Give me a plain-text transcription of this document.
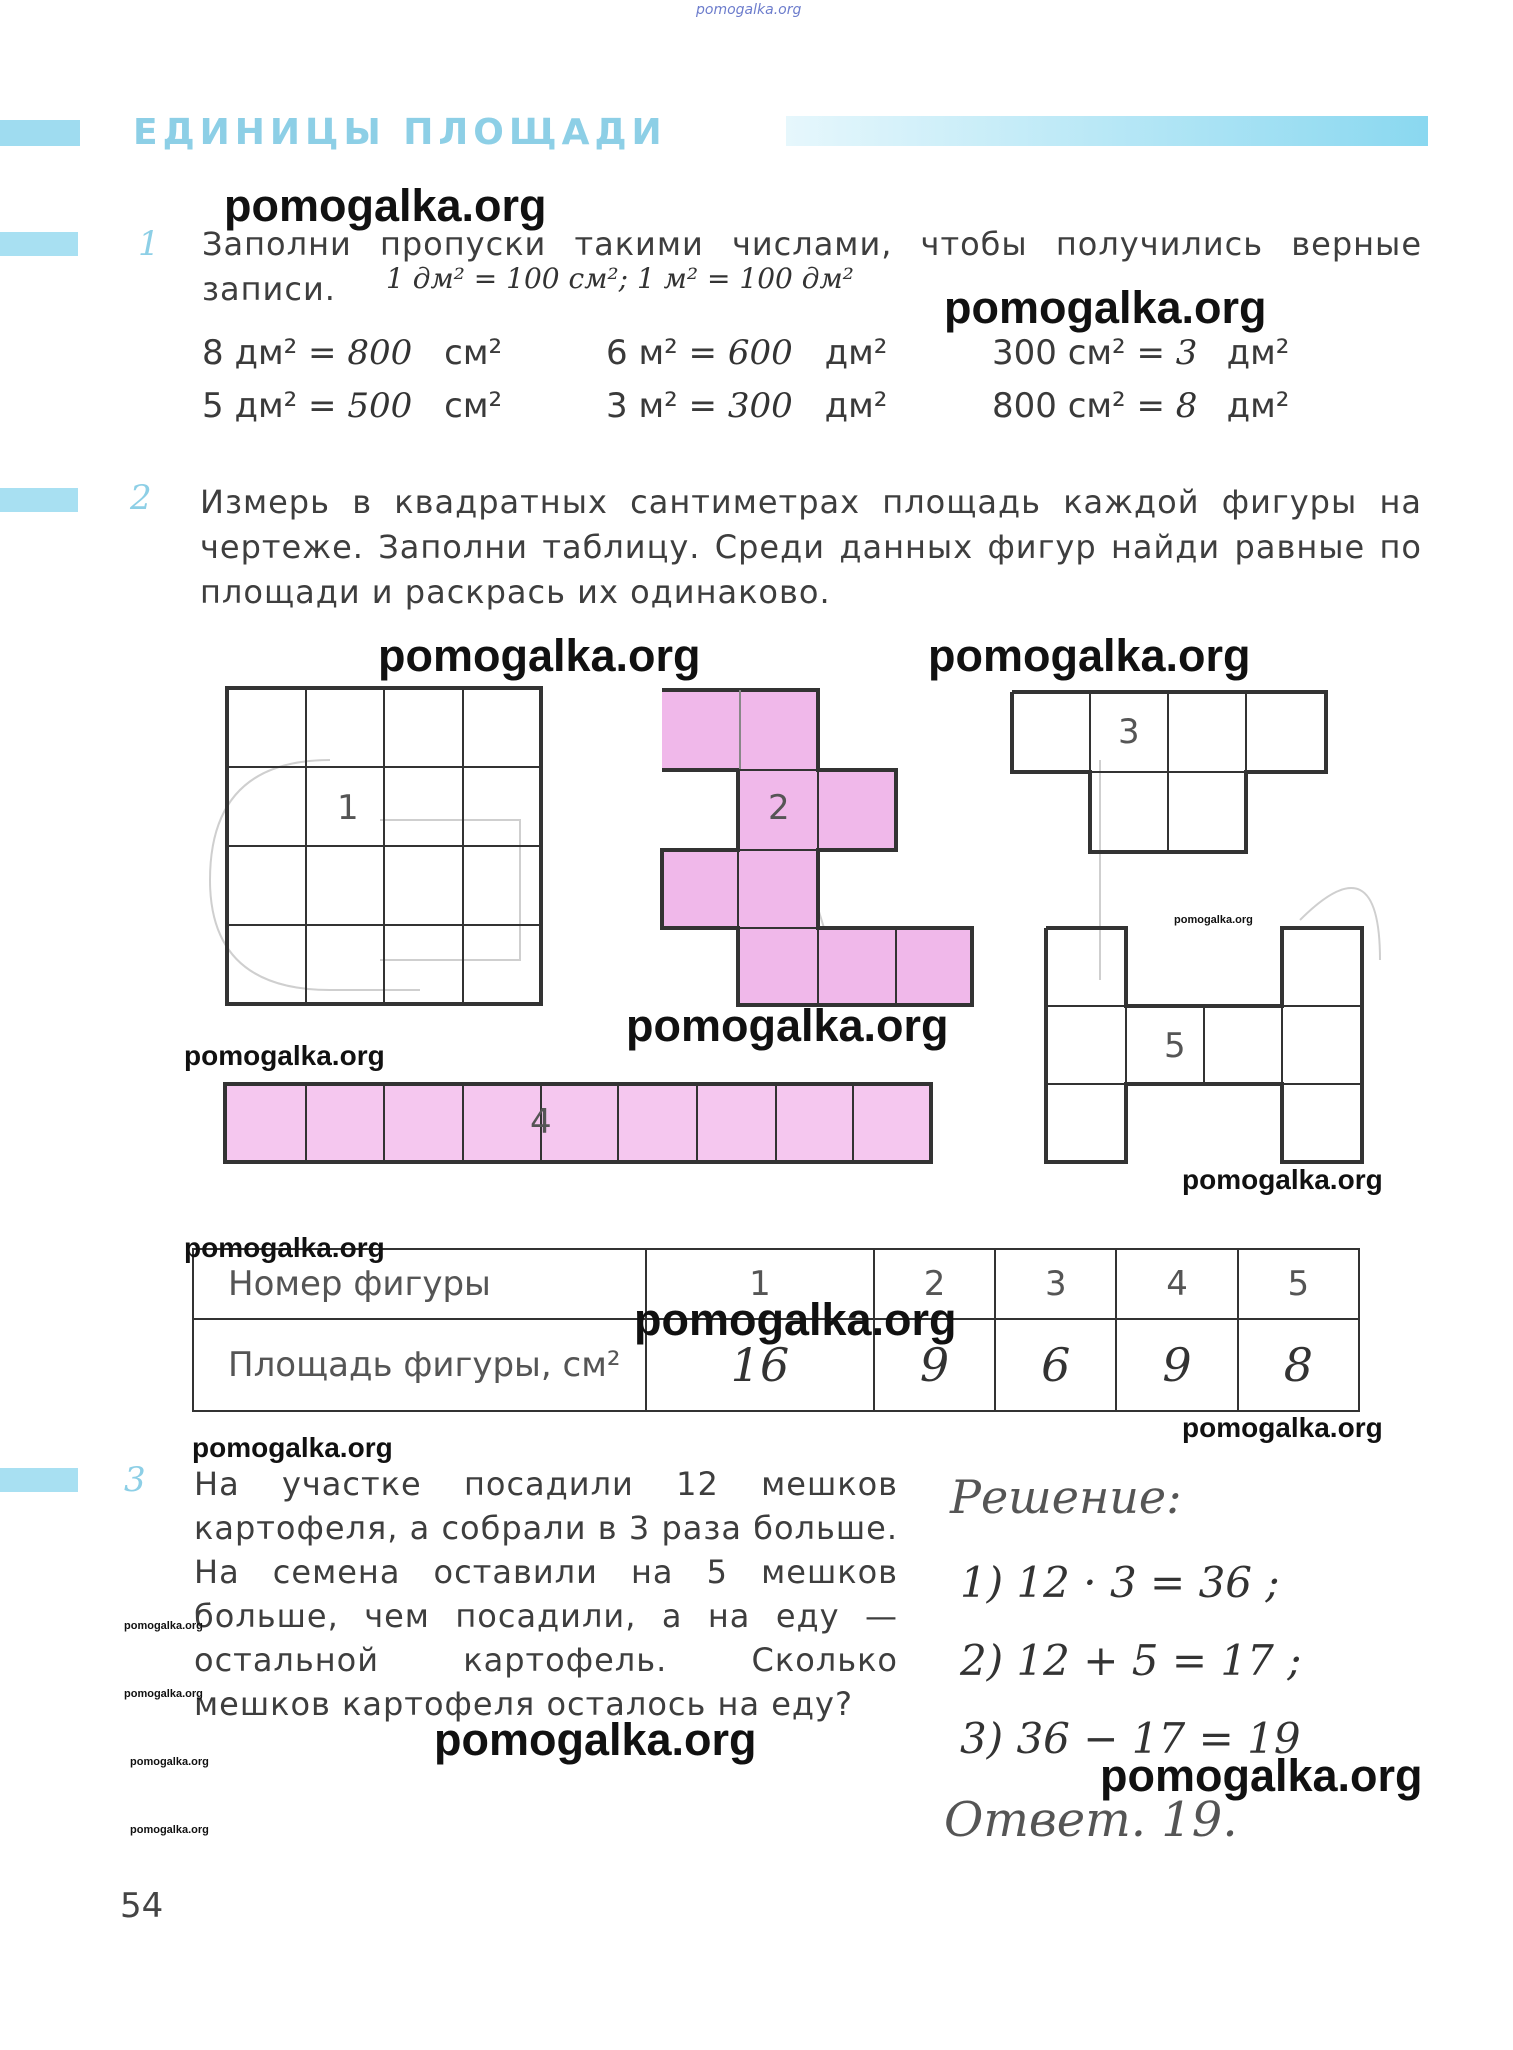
pomogalka.org
ЕДИНИЦЫ ПЛОЩАДИ
1 Заполни пропуски такими числами, чтобы получились верные записи.	1 дм² = 100 см²; 1 м² = 100 дм²
8 дм² = 800 см²	6 м² = 600 дм²	300 см² = 3 дм²
5 дм² = 500 см²	3 м² = 300 дм²	800 см² = 8 дм²
2 Измерь в квадратных сантиметрах площадь каждой фигуры на чертеже. Заполни таблицу. Среди данных фигур найди равные по площади и раскрась их одинаково.
1	2
3
4
5
Номер фигуры	1	2	3	4	5
Площадь фигуры, см²	16	9	6	9	8
3 На участке посадили 12 мешков картофеля, а собрали в 3 раза больше. На семена оставили на 5 мешков больше, чем посадили, а на еду — остальной картофель. Сколько мешков картофеля осталось на еду?
Решение:
1) 12 · 3 = 36 ;
2) 12 + 5 = 17 ;
3) 36 − 17 = 19
Ответ. 19.
54
pomogalka.org
pomogalka.org
pomogalka.org	pomogalka.org
pomogalka.org
pomogalka.org
pomogalka.org
pomogalka.org
pomogalka.org
pomogalka.org
pomogalka.org
pomogalka.org
pomogalka.org
pomogalka.org
pomogalka.org
pomogalka.org	pomogalka.org
pomogalka.org
